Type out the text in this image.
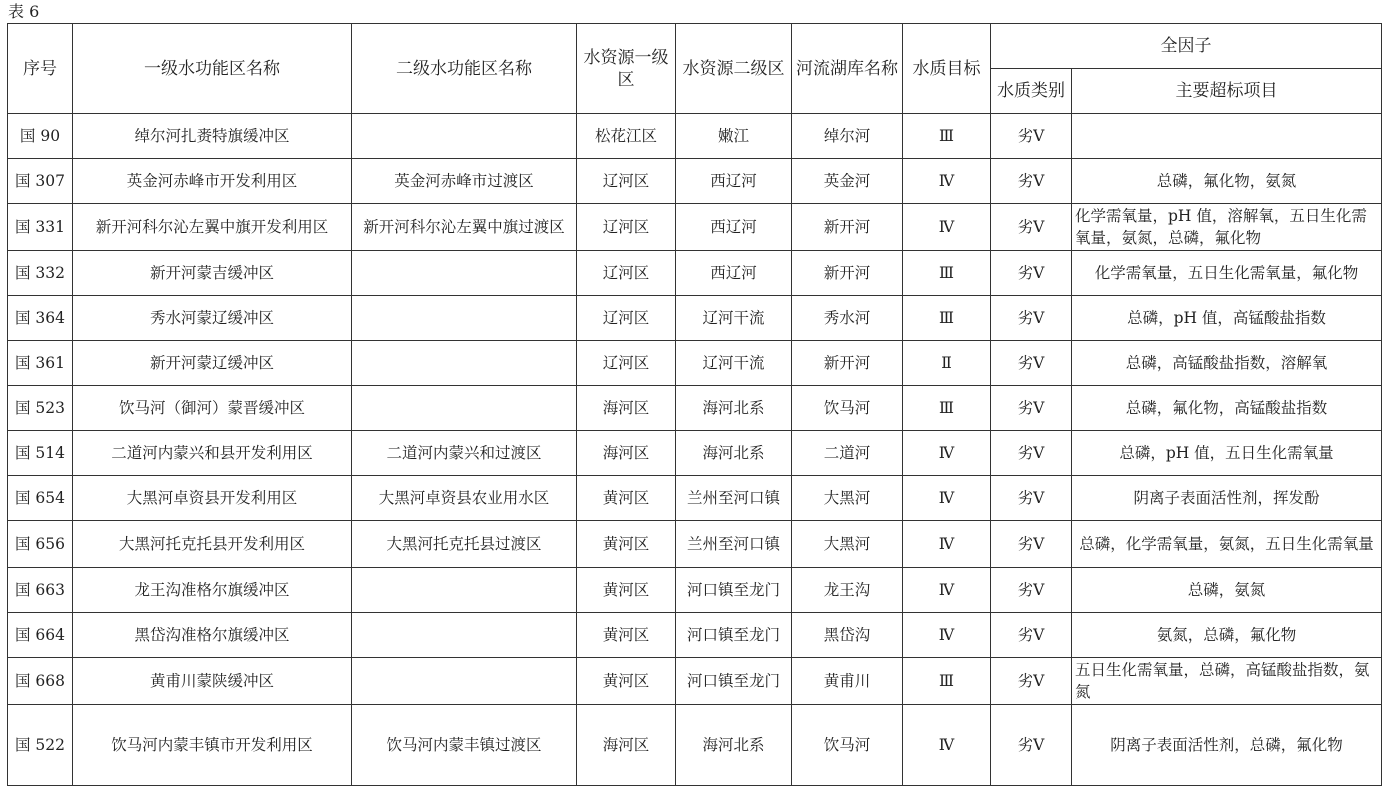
表 6
序号	一级水功能区名称	二级水功能区名称	水资源一级区	水资源二级区	河流湖库名称	水质目标	全因子	
							水质类别	主要超标项目
国 90	绰尔河扎赉特旗缓冲区		松花江区	嫩江	绰尔河	Ⅲ	劣Ⅴ	
国 307	英金河赤峰市开发利用区	英金河赤峰市过渡区	辽河区	西辽河	英金河	Ⅳ	劣Ⅴ	总磷，氟化物，氨氮
国 331	新开河科尔沁左翼中旗开发利用区	新开河科尔沁左翼中旗过渡区	辽河区	西辽河	新开河	Ⅳ	劣Ⅴ	化学需氧量，pH 值，溶解氧，五日生化需氧量，氨氮，总磷，氟化物
国 332	新开河蒙吉缓冲区		辽河区	西辽河	新开河	Ⅲ	劣Ⅴ	化学需氧量，五日生化需氧量，氟化物
国 364	秀水河蒙辽缓冲区		辽河区	辽河干流	秀水河	Ⅲ	劣Ⅴ	总磷，pH 值，高锰酸盐指数
国 361	新开河蒙辽缓冲区		辽河区	辽河干流	新开河	Ⅱ	劣Ⅴ	总磷，高锰酸盐指数，溶解氧
国 523	饮马河（御河）蒙晋缓冲区		海河区	海河北系	饮马河	Ⅲ	劣Ⅴ	总磷，氟化物，高锰酸盐指数
国 514	二道河内蒙兴和县开发利用区	二道河内蒙兴和过渡区	海河区	海河北系	二道河	Ⅳ	劣Ⅴ	总磷，pH 值，五日生化需氧量
国 654	大黑河卓资县开发利用区	大黑河卓资县农业用水区	黄河区	兰州至河口镇	大黑河	Ⅳ	劣Ⅴ	阴离子表面活性剂，挥发酚
国 656	大黑河托克托县开发利用区	大黑河托克托县过渡区	黄河区	兰州至河口镇	大黑河	Ⅳ	劣Ⅴ	总磷，化学需氧量，氨氮，五日生化需氧量
国 663	龙王沟准格尔旗缓冲区		黄河区	河口镇至龙门	龙王沟	Ⅳ	劣Ⅴ	总磷，氨氮
国 664	黑岱沟准格尔旗缓冲区		黄河区	河口镇至龙门	黑岱沟	Ⅳ	劣Ⅴ	氨氮，总磷，氟化物
国 668	黄甫川蒙陕缓冲区		黄河区	河口镇至龙门	黄甫川	Ⅲ	劣Ⅴ	五日生化需氧量，总磷，高锰酸盐指数，氨氮
国 522	饮马河内蒙丰镇市开发利用区	饮马河内蒙丰镇过渡区	海河区	海河北系	饮马河	Ⅳ	劣Ⅴ	阴离子表面活性剂，总磷，氟化物
